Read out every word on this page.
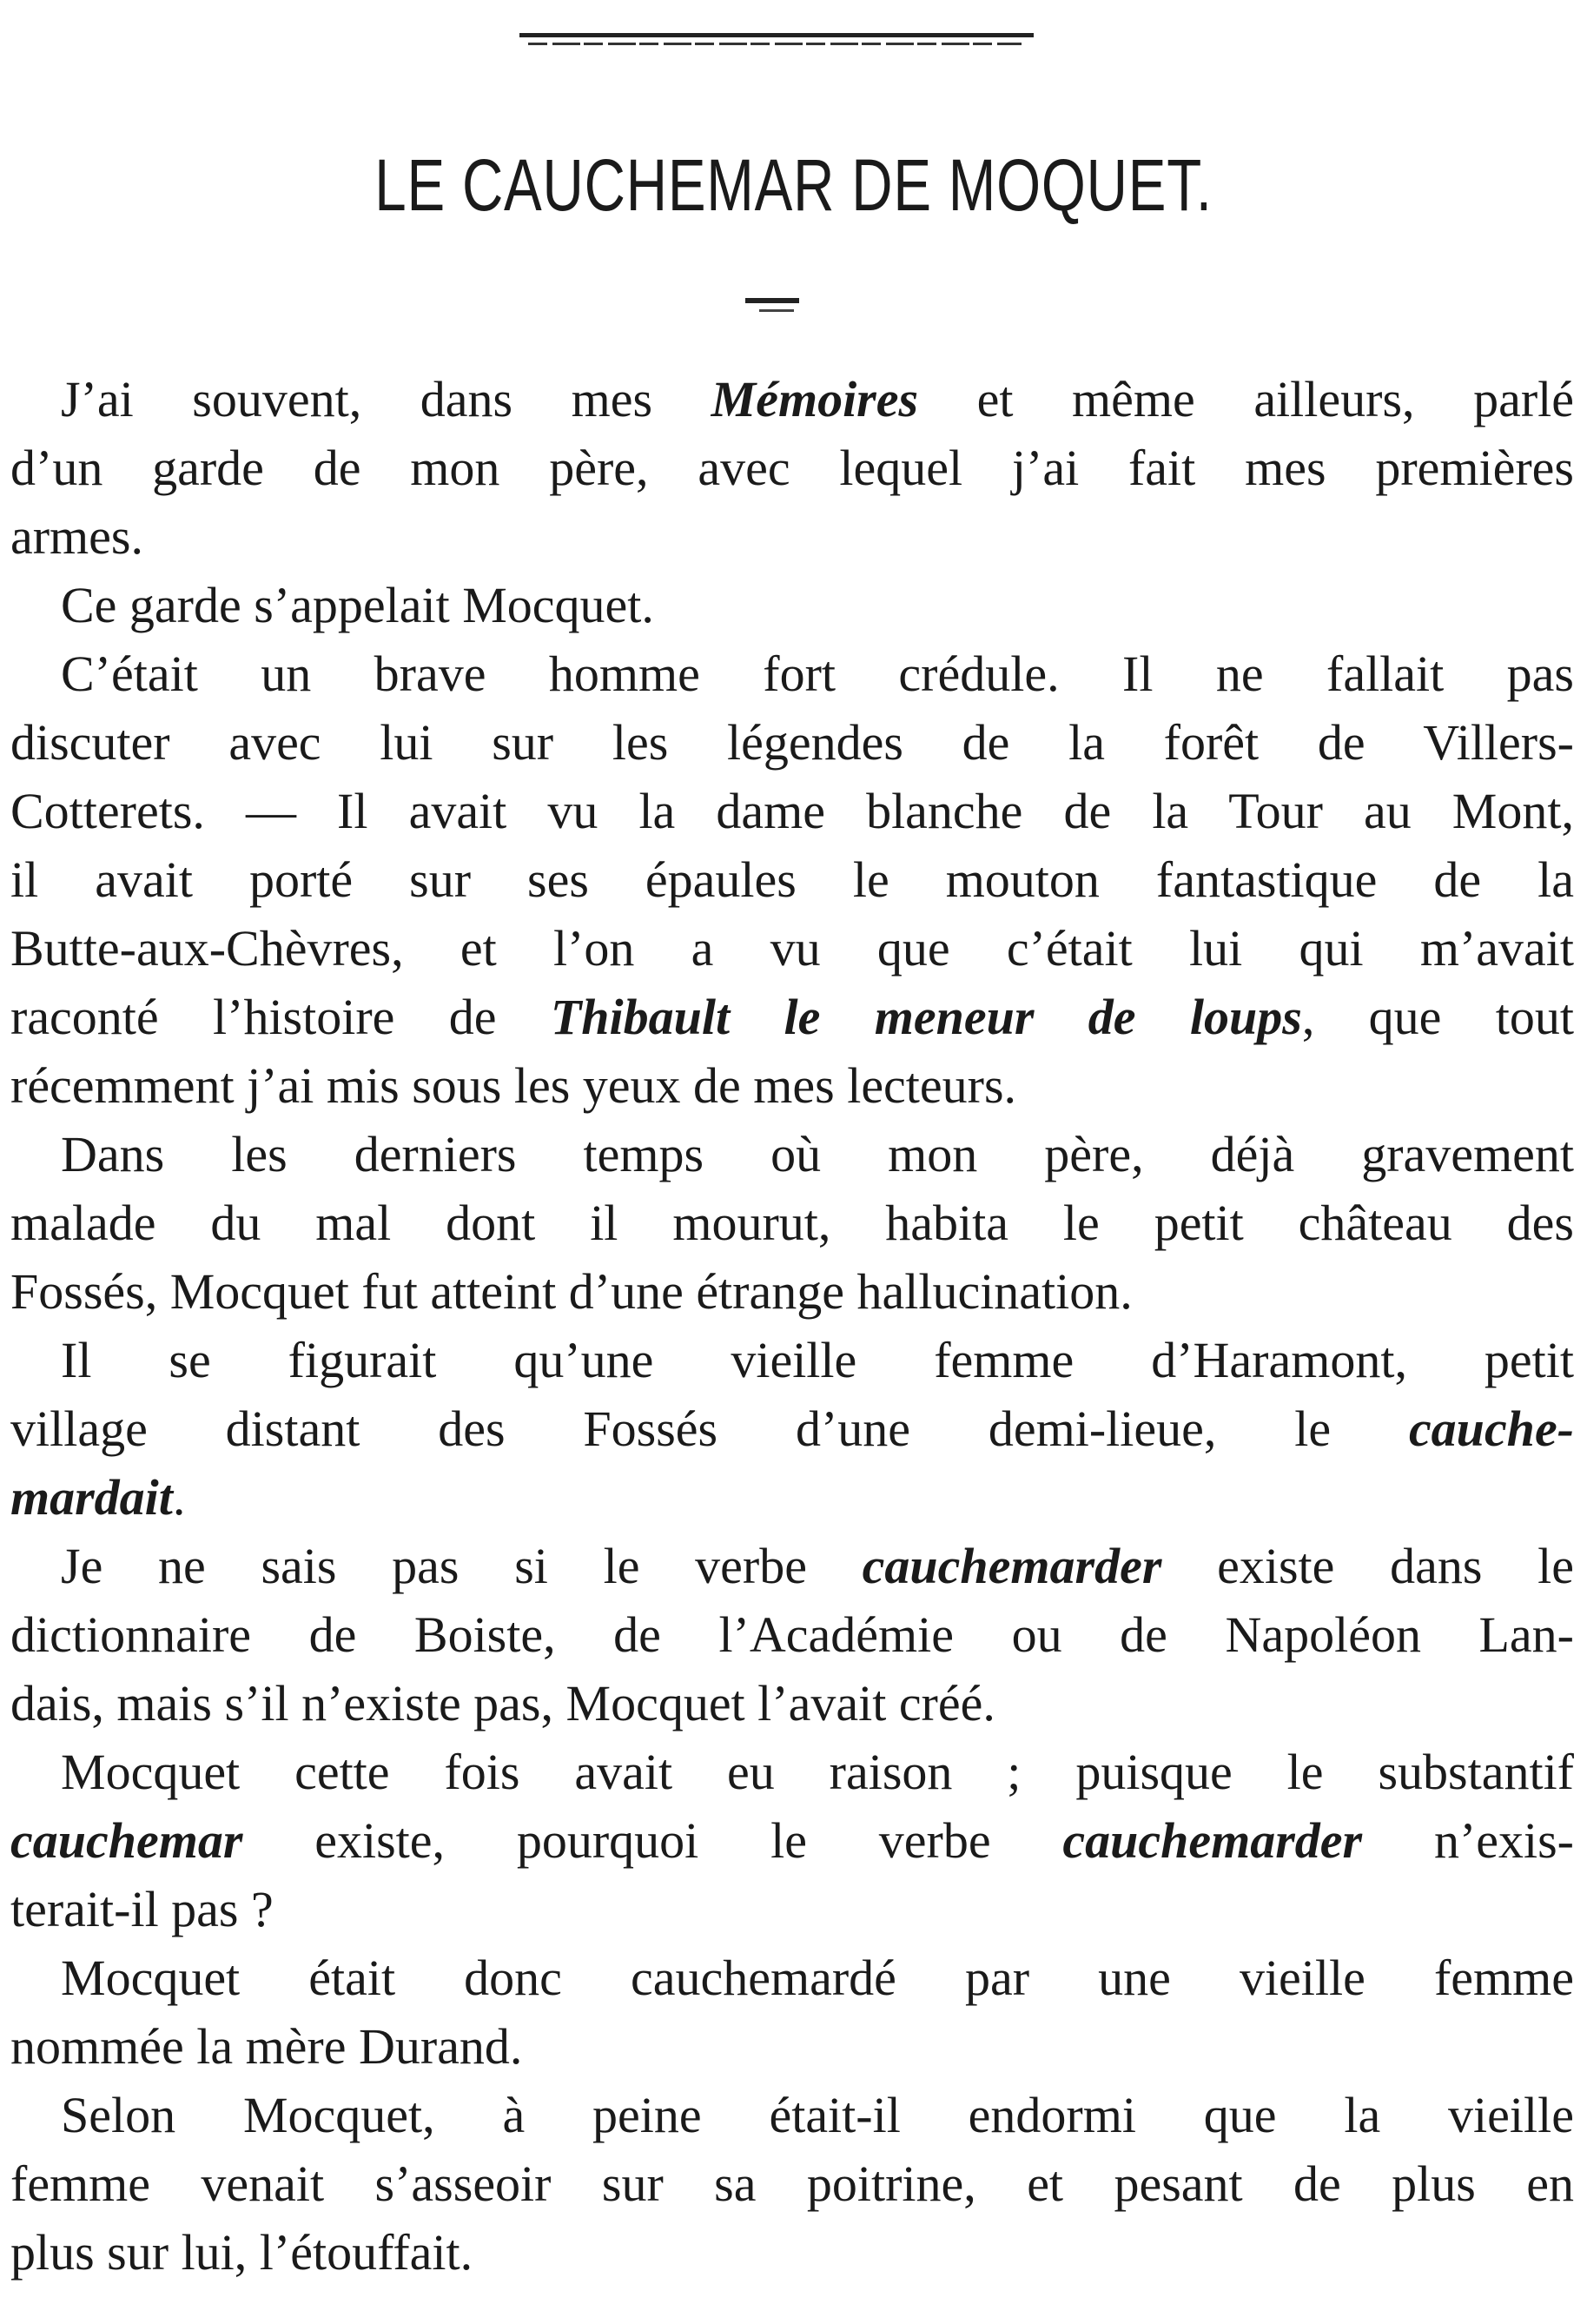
LE CAUCHEMAR DE MOQUET.
J’ai souvent, dans mes Mémoires et même ailleurs, parlé
d’un garde de mon père, avec lequel j’ai fait mes premières
armes.
Ce garde s’appelait Mocquet.
C’était un brave homme fort crédule. Il ne fallait pas
discuter avec lui sur les légendes de la forêt de Villers-
Cotterets. — Il avait vu la dame blanche de la Tour au Mont,
il avait porté sur ses épaules le mouton fantastique de la
Butte-aux-Chèvres, et l’on a vu que c’était lui qui m’avait
raconté l’histoire de Thibault le meneur de loups, que tout
récemment j’ai mis sous les yeux de mes lecteurs.
Dans les derniers temps où mon père, déjà gravement
malade du mal dont il mourut, habita le petit château des
Fossés, Mocquet fut atteint d’une étrange hallucination.
Il se figurait qu’une vieille femme d’Haramont, petit
village distant des Fossés d’une demi-lieue, le cauche-
mardait.
Je ne sais pas si le verbe cauchemarder existe dans le
dictionnaire de Boiste, de l’Académie ou de Napoléon Lan-
dais, mais s’il n’existe pas, Mocquet l’avait créé.
Mocquet cette fois avait eu raison ; puisque le substantif
cauchemar existe, pourquoi le verbe cauchemarder n’exis-
terait-il pas ?
Mocquet était donc cauchemardé par une vieille femme
nommée la mère Durand.
Selon Mocquet, à peine était-il endormi que la vieille
femme venait s’asseoir sur sa poitrine, et pesant de plus en
plus sur lui, l’étouffait.
